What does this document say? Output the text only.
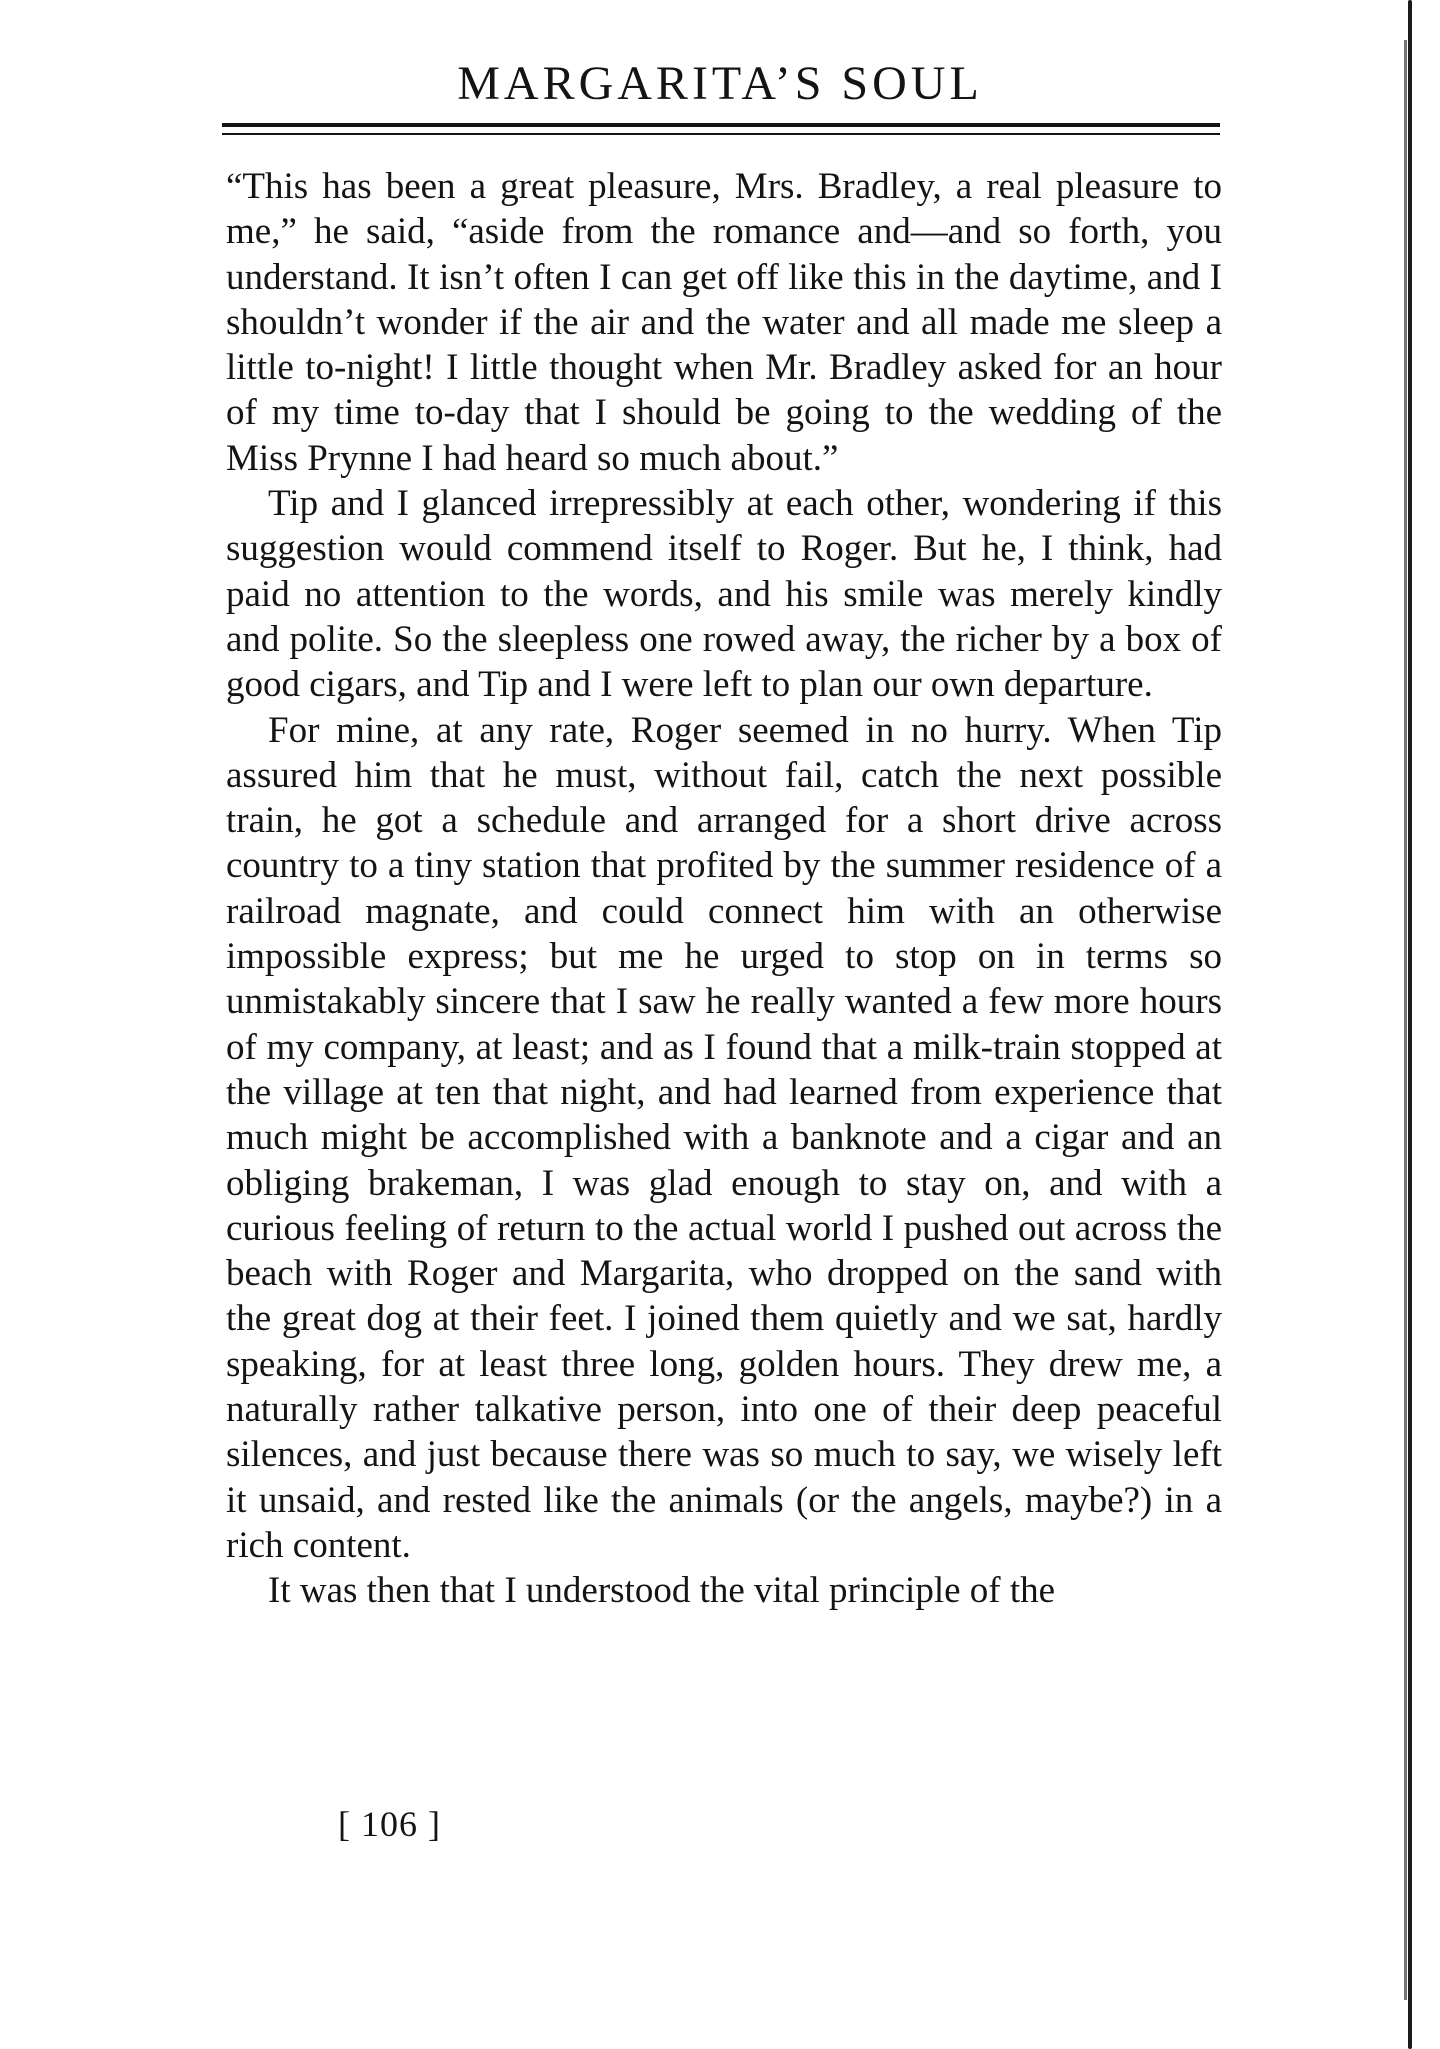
MARGARITA’S SOUL

“This has been a great pleasure, Mrs. Bradley, a real pleasure to me,” he said, “aside from the romance and—and so forth, you understand. It isn’t often I can get off like this in the daytime, and I shouldn’t wonder if the air and the water and all made me sleep a little to-night! I little thought when Mr. Bradley asked for an hour of my time to-day that I should be going to the wedding of the Miss Prynne I had heard so much about.”

Tip and I glanced irrepressibly at each other, wondering if this suggestion would commend itself to Roger. But he, I think, had paid no attention to the words, and his smile was merely kindly and polite. So the sleepless one rowed away, the richer by a box of good cigars, and Tip and I were left to plan our own departure.

For mine, at any rate, Roger seemed in no hurry. When Tip assured him that he must, without fail, catch the next possible train, he got a schedule and arranged for a short drive across country to a tiny station that profited by the summer residence of a railroad magnate, and could connect him with an otherwise impossible express; but me he urged to stop on in terms so unmistakably sincere that I saw he really wanted a few more hours of my company, at least; and as I found that a milk-train stopped at the village at ten that night, and had learned from experience that much might be accomplished with a banknote and a cigar and an obliging brakeman, I was glad enough to stay on, and with a curious feeling of return to the actual world I pushed out across the beach with Roger and Margarita, who dropped on the sand with the great dog at their feet. I joined them quietly and we sat, hardly speaking, for at least three long, golden hours. They drew me, a naturally rather talkative person, into one of their deep peaceful silences, and just because there was so much to say, we wisely left it unsaid, and rested like the animals (or the angels, maybe?) in a rich content.

It was then that I understood the vital principle of the

[ 106 ]
